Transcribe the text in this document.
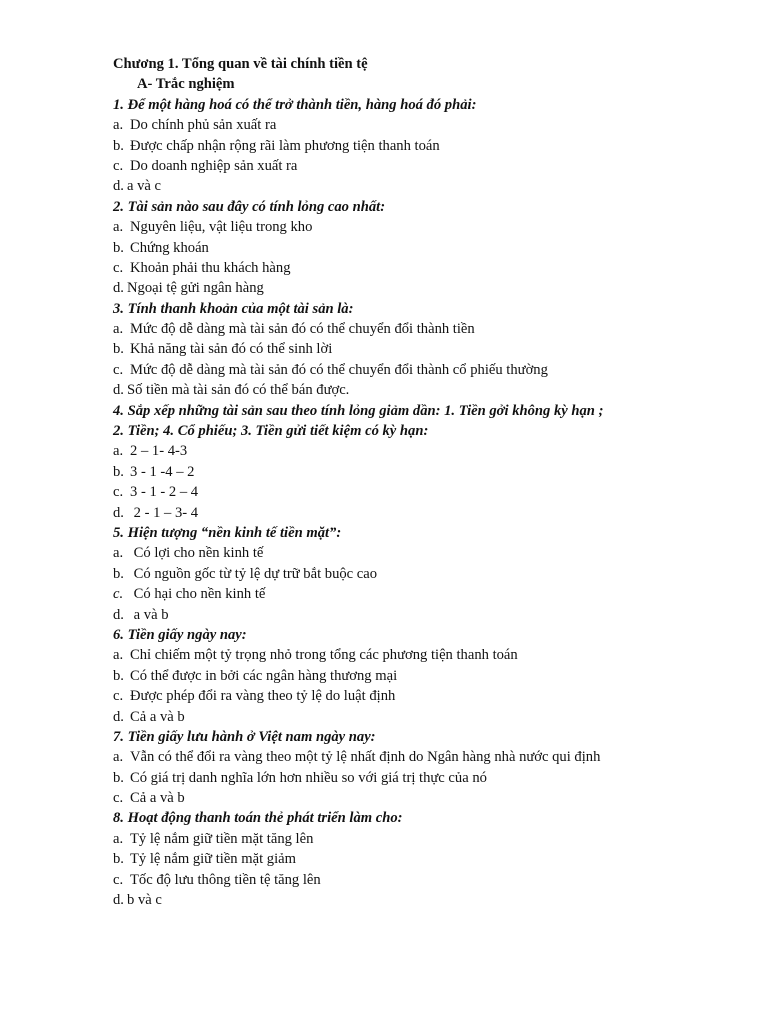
Chương 1. Tổng quan về tài chính tiền tệ
A- Trắc nghiệm
1. Để một hàng hoá có thể trở thành tiền, hàng hoá đó phải:
a. Do chính phủ sản xuất ra
b. Được chấp nhận rộng rãi làm phương tiện thanh toán
c. Do doanh nghiệp sản xuất ra
d. a và c
2. Tài sản nào sau đây có tính lỏng cao nhất:
a. Nguyên liệu, vật liệu trong kho
b. Chứng khoán
c. Khoản phải thu khách hàng
d. Ngoại tệ gửi ngân hàng
3. Tính thanh khoản của một tài sản là:
a. Mức độ dễ dàng mà tài sản đó có thể chuyển đổi thành tiền
b. Khả năng tài sản đó có thể sinh lời
c. Mức độ dễ dàng mà tài sản đó có thể chuyển đổi thành cổ phiếu thường
d. Số tiền mà tài sản đó có thể bán được.
4. Sắp xếp những tài sản sau theo tính lỏng giảm dần: 1. Tiền gởi không kỳ hạn ;
2. Tiền; 4. Cổ phiếu; 3. Tiền gửi tiết kiệm có kỳ hạn:
a. 2 – 1- 4-3
b. 3 - 1 -4 – 2
c. 3 - 1 - 2 – 4
d. 2 - 1 – 3- 4
5. Hiện tượng “nền kinh tế tiền mặt”:
a. Có lợi cho nền kinh tế
b. Có nguồn gốc từ tỷ lệ dự trữ bắt buộc cao
c. Có hại cho nền kinh tế
d. a và b
6. Tiền giấy ngày nay:
a. Chỉ chiếm một tỷ trọng nhỏ trong tổng các phương tiện thanh toán
b. Có thể được in bởi các ngân hàng thương mại
c. Được phép đổi ra vàng theo tỷ lệ do luật định
d. Cả a và b
7. Tiền giấy lưu hành ở Việt nam ngày nay:
a. Vẫn có thể đổi ra vàng theo một tỷ lệ nhất định do Ngân hàng nhà nước qui định
b. Có giá trị danh nghĩa lớn hơn nhiều so với giá trị thực của nó
c. Cả a và b
8. Hoạt động thanh toán thẻ phát triển làm cho:
a. Tỷ lệ nắm giữ tiền mặt tăng lên
b. Tỷ lệ nắm giữ tiền mặt giảm
c. Tốc độ lưu thông tiền tệ tăng lên
d. b và c
